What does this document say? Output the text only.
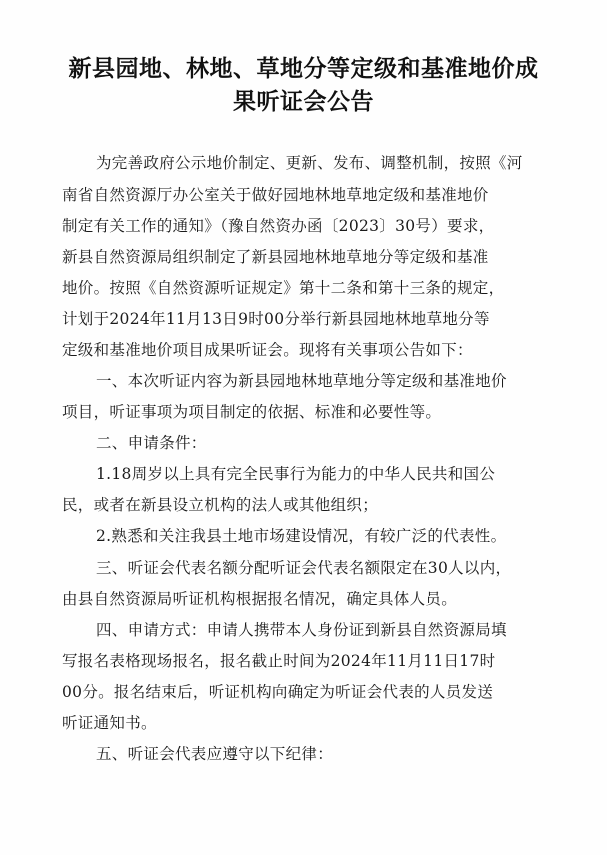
新县园地、林地、草地分等定级和基准地价成
果听证会公告
为完善政府公示地价制定、更新、发布、调整机制，按照《河
南省自然资源厅办公室关于做好园地林地草地定级和基准地价
制定有关工作的通知》（豫自然资办函〔2023〕30号）要求，
新县自然资源局组织制定了新县园地林地草地分等定级和基准
地价。按照《自然资源听证规定》第十二条和第十三条的规定，
计划于2024年11月13日9时00分举行新县园地林地草地分等
定级和基准地价项目成果听证会。现将有关事项公告如下：
一、本次听证内容为新县园地林地草地分等定级和基准地价
项目，听证事项为项目制定的依据、标准和必要性等。
二、申请条件：
1.18周岁以上具有完全民事行为能力的中华人民共和国公
民，或者在新县设立机构的法人或其他组织；
2.熟悉和关注我县土地市场建设情况，有较广泛的代表性。
三、听证会代表名额分配听证会代表名额限定在30人以内，
由县自然资源局听证机构根据报名情况，确定具体人员。
四、申请方式：申请人携带本人身份证到新县自然资源局填
写报名表格现场报名，报名截止时间为2024年11月11日17时
00分。报名结束后，听证机构向确定为听证会代表的人员发送
听证通知书。
五、听证会代表应遵守以下纪律：
